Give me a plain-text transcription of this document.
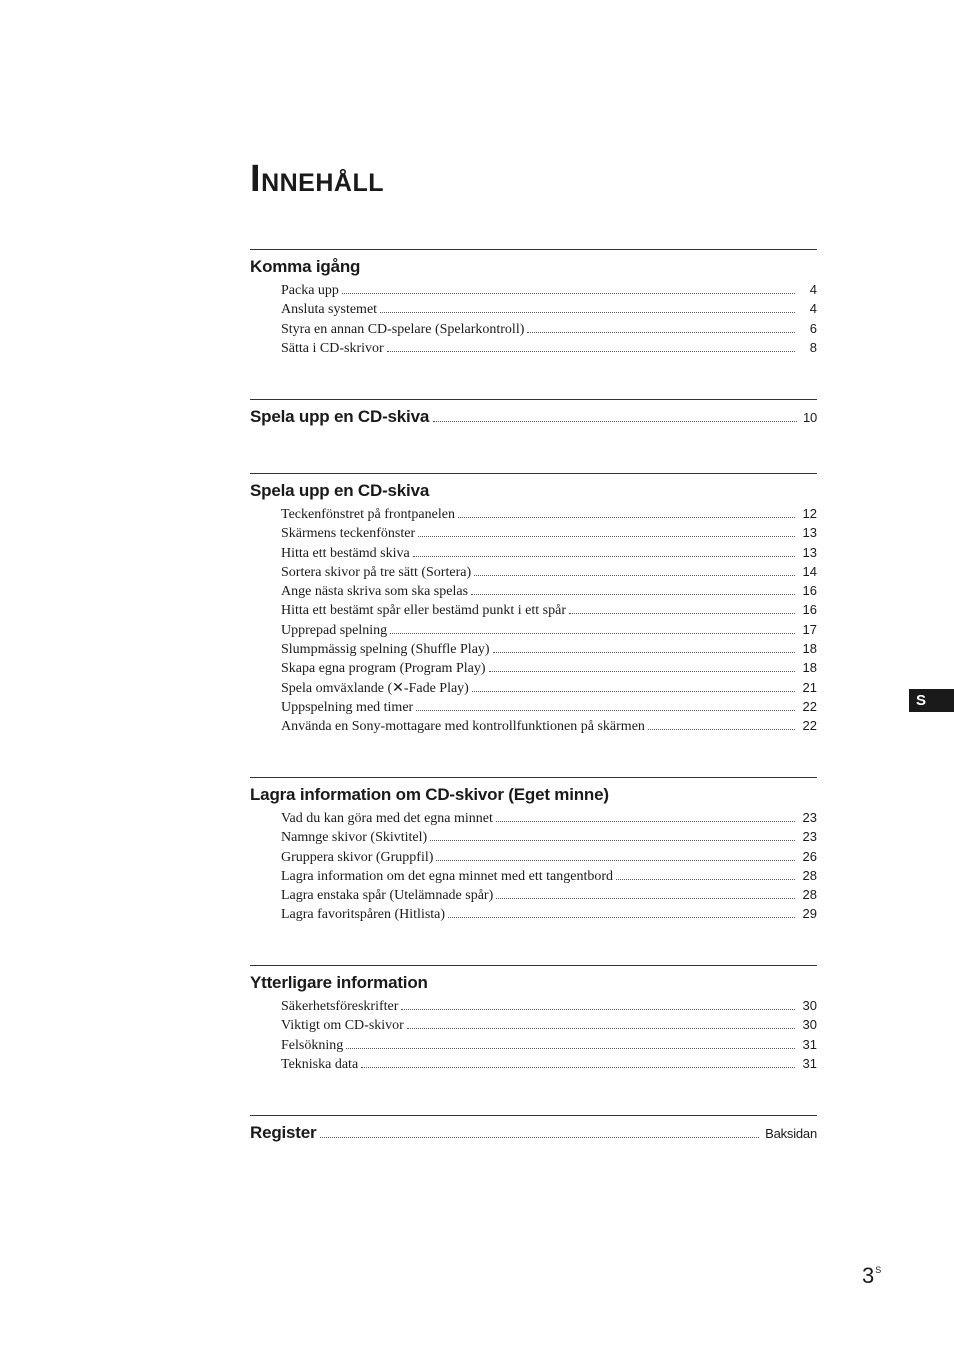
Innehåll
Komma igång
Packa upp	4
Ansluta systemet	4
Styra en annan CD-spelare (Spelarkontroll)	6
Sätta i CD-skrivor	8
Spela upp en CD-skiva	10
Spela upp en CD-skiva
Teckenfönstret på frontpanelen	12
Skärmens teckenfönster	13
Hitta ett bestämd skiva	13
Sortera skivor på tre sätt (Sortera)	14
Ange nästa skriva som ska spelas	16
Hitta ett bestämt spår eller bestämd punkt i ett spår	16
Upprepad spelning	17
Slumpmässig spelning (Shuffle Play)	18
Skapa egna program (Program Play)	18
Spela omväxlande (✕-Fade Play)	21
Uppspelning med timer	22
Använda en Sony-mottagare med kontrollfunktionen på skärmen	22
Lagra information om CD-skivor (Eget minne)
Vad du kan göra med det egna minnet	23
Namnge skivor (Skivtitel)	23
Gruppera skivor (Gruppfil)	26
Lagra information om det egna minnet med ett tangentbord	28
Lagra enstaka spår (Utelämnade spår)	28
Lagra favoritspåren (Hitlista)	29
Ytterligare information
Säkerhetsföreskrifter	30
Viktigt om CD-skivor	30
Felsökning	31
Tekniska data	31
Register	Baksidan
S
$3^S$
